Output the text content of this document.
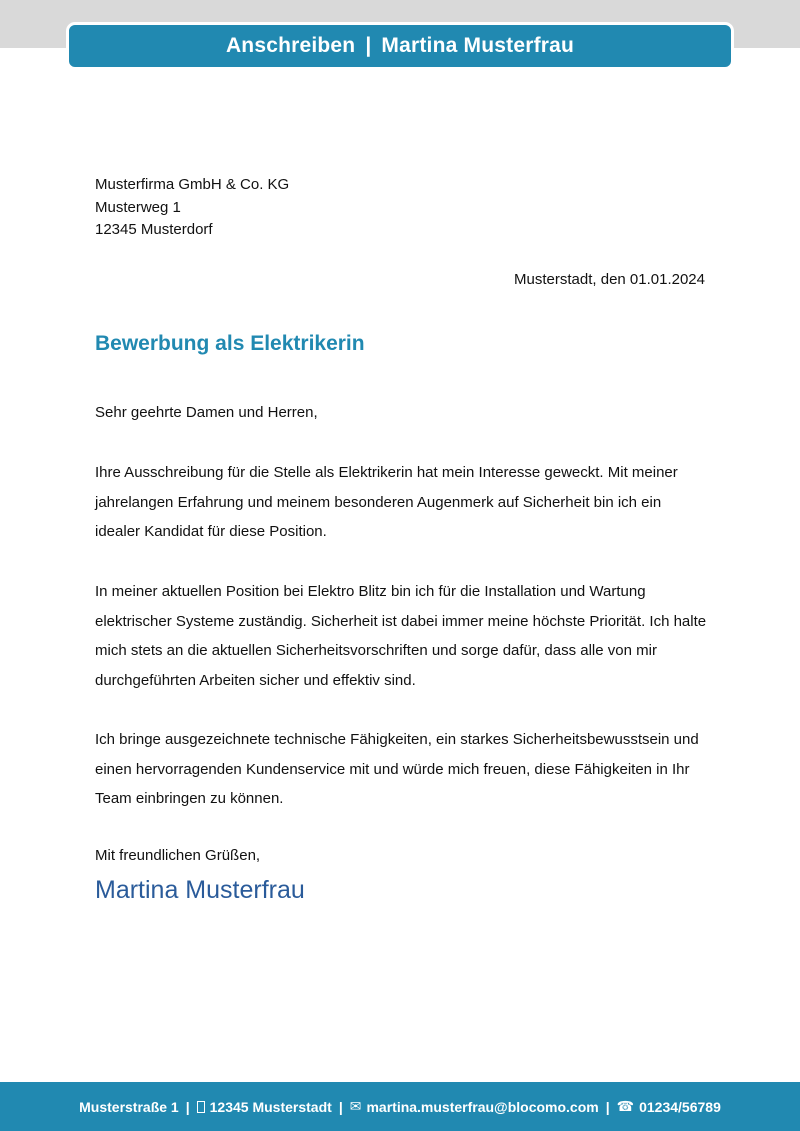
Anschreiben | Martina Musterfrau
Musterfirma GmbH & Co. KG
Musterweg 1
12345 Musterdorf
Musterstadt, den 01.01.2024
Bewerbung als Elektrikerin
Sehr geehrte Damen und Herren,
Ihre Ausschreibung für die Stelle als Elektrikerin hat mein Interesse geweckt. Mit meiner jahrelangen Erfahrung und meinem besonderen Augenmerk auf Sicherheit bin ich ein idealer Kandidat für diese Position.
In meiner aktuellen Position bei Elektro Blitz bin ich für die Installation und Wartung elektrischer Systeme zuständig. Sicherheit ist dabei immer meine höchste Priorität. Ich halte mich stets an die aktuellen Sicherheitsvorschriften und sorge dafür, dass alle von mir durchgeführten Arbeiten sicher und effektiv sind.
Ich bringe ausgezeichnete technische Fähigkeiten, ein starkes Sicherheitsbewusstsein und einen hervorragenden Kundenservice mit und würde mich freuen, diese Fähigkeiten in Ihr Team einbringen zu können.
Mit freundlichen Grüßen,
Martina Musterfrau
Musterstraße 1 | 12345 Musterstadt | ✉ martina.musterfrau@blocomo.com | ☎ 01234/56789
